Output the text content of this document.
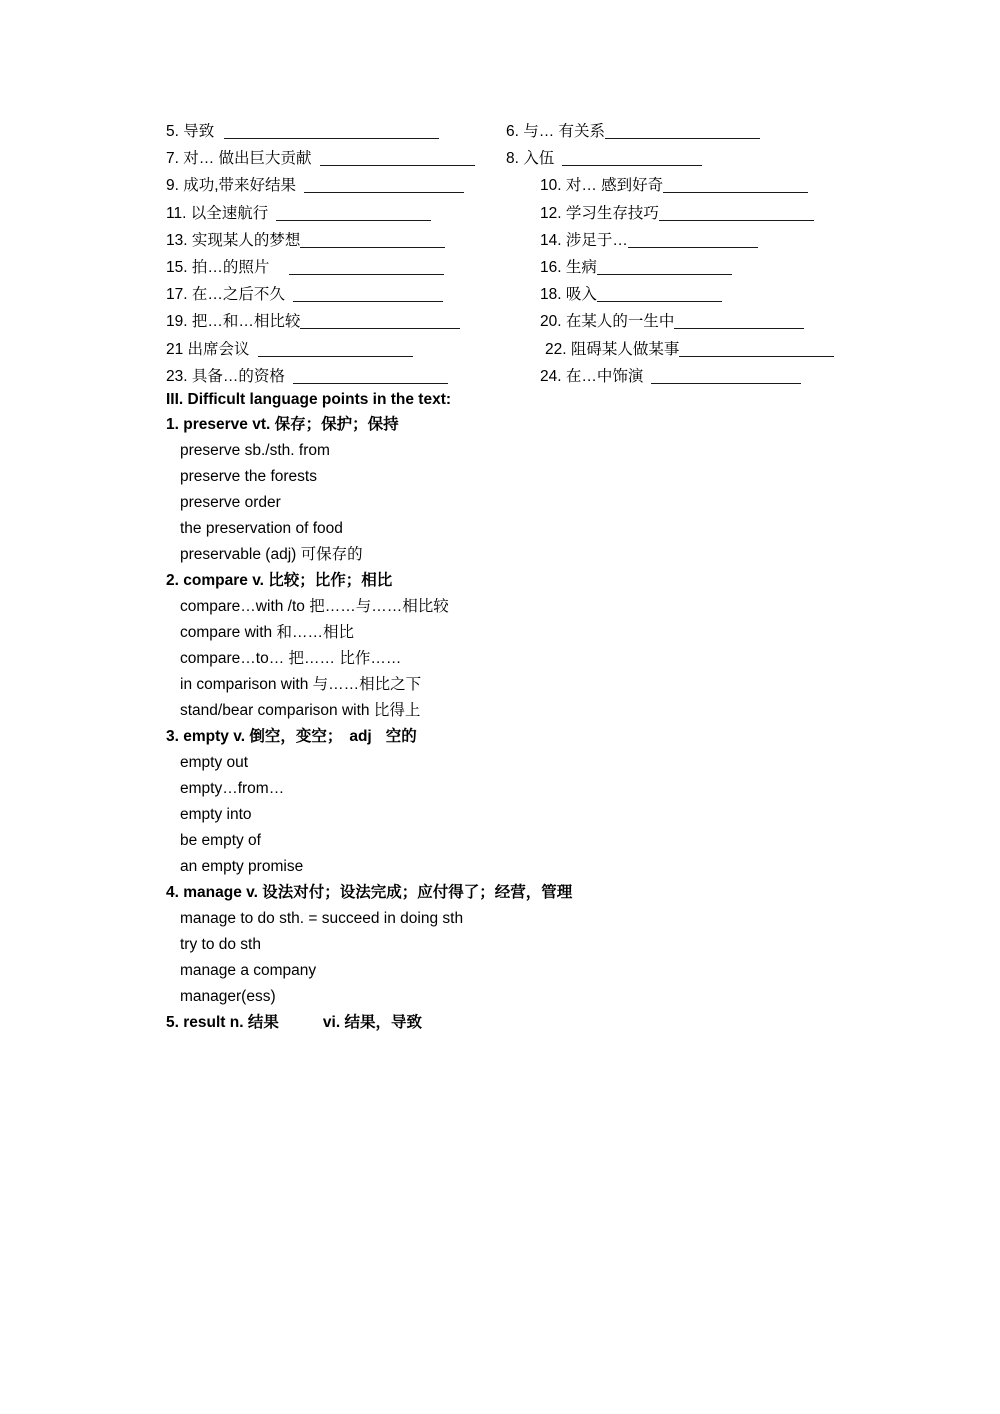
5. 导致
7. 对… 做出巨大贡献
9. 成功,带来好结果
11. 以全速航行
13. 实现某人的梦想
15. 拍…的照片
17. 在…之后不久
19. 把…和…相比较
21 出席会议
23. 具备…的资格
6. 与… 有关系
8. 入伍
10. 对… 感到好奇
12. 学习生存技巧
14. 涉足于…
16. 生病
18. 吸入
20. 在某人的一生中
22. 阻碍某人做某事
24. 在…中饰演
III. Difficult language points in the text:
1. preserve vt. 保存；保护；保持
preserve sb./sth. from
preserve the forests
preserve order
the preservation of food
preservable (adj) 可保存的
2. compare v. 比较；比作；相比
compare…with /to 把……与……相比较
compare with 和……相比
compare…to… 把…… 比作……
in comparison with 与……相比之下
stand/bear comparison with 比得上
3. empty v. 倒空，变空； adj 空的
empty out
empty…from…
empty into
be empty of
an empty promise
4. manage v. 设法对付；设法完成；应付得了；经营，管理
manage to do sth. = succeed in doing sth
try to do sth
manage a company
manager(ess)
5. result n. 结果	vi. 结果，导致
